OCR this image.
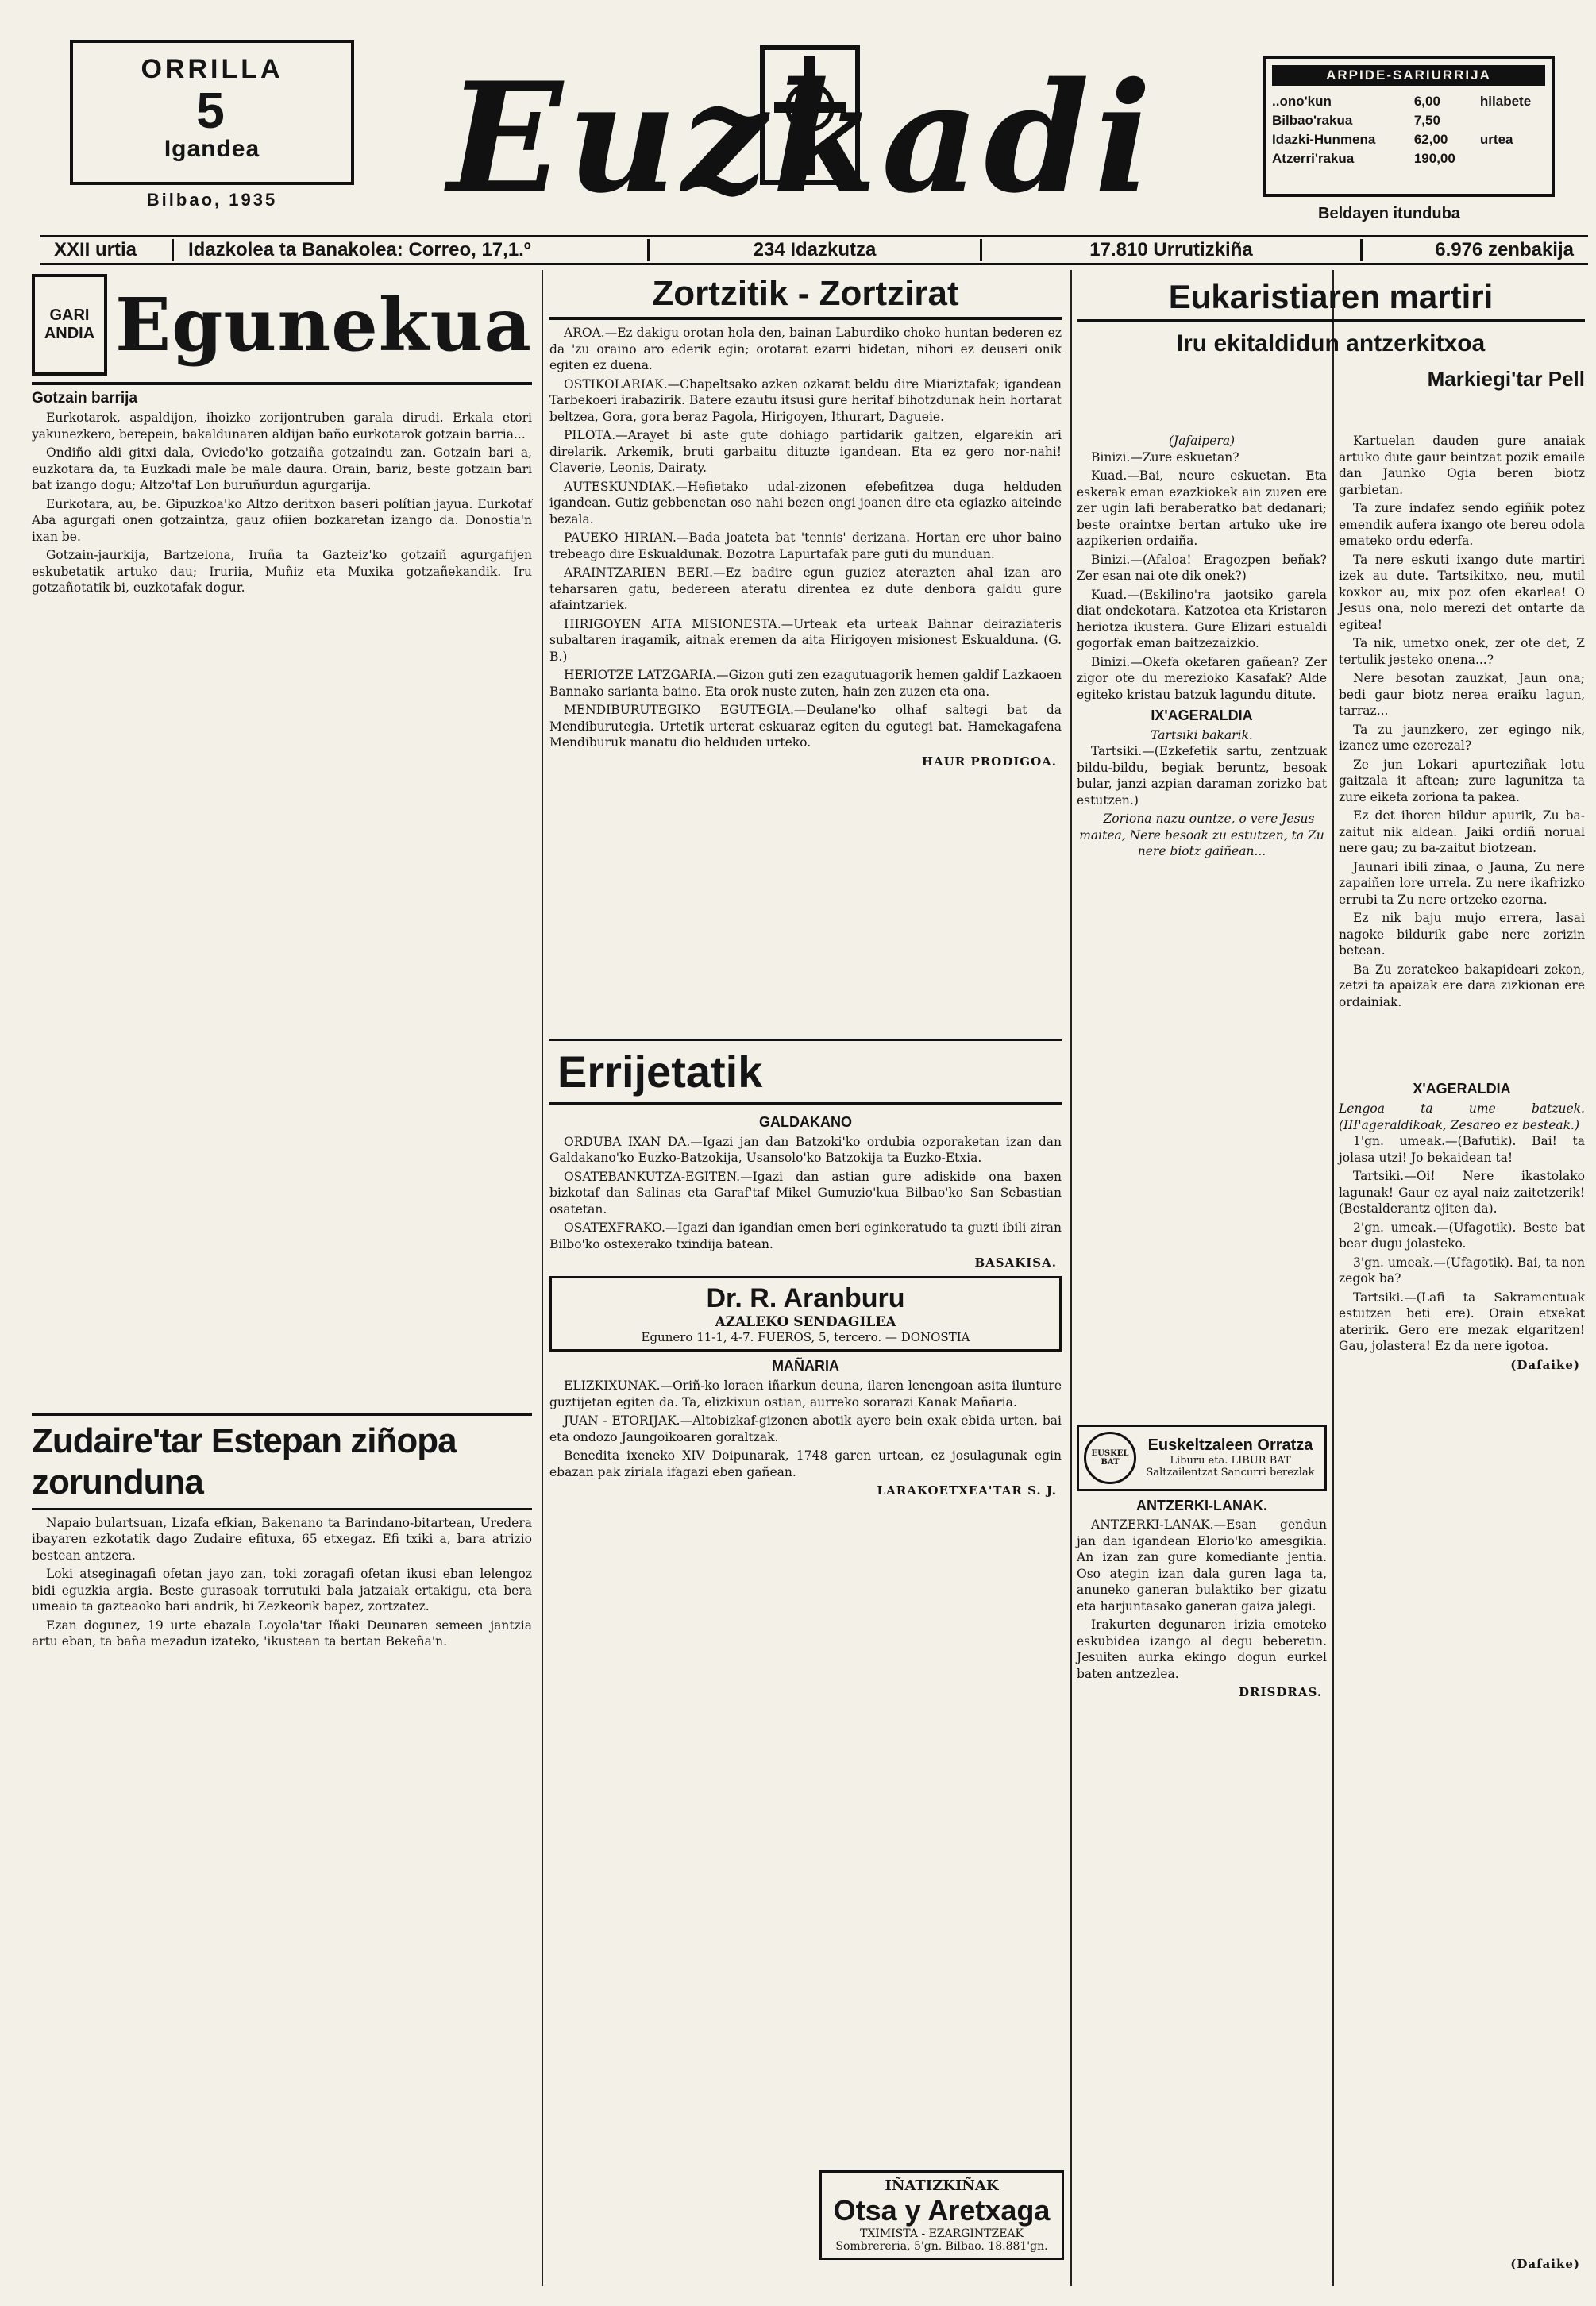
ORRILLA
5
Igandea
Bilbao, 1935	Euzkadi	ARPIDE-SARIURRIJA
..ono'kun	6,00	hilabete
Bilbao'rakua	7,50	
Idazki-Hunmena	62,00	urtea
Atzerri'rakua	190,00	
Beldayen itunduba
XXII urtia	Idazkolea ta Banakolea: Correo, 17,1.º	234 Idazkutza	17.810 Urrutizkiña	6.976 zenbakija
GARI ANDIA Egunekua
Gotzain barrija

Eurkotarok, aspaldijon, ihoizko zorijontruben garala dirudi. Erkala etori yakunezkero, berepein, bakaldunaren aldijan baño eurkotarok gotzain barria...

Ondiño aldi gitxi dala, Oviedo'ko gotzaiña gotzaindu zan. Gotzain bari a, euzkotara da, ta Euzkadi male be male daura. Orain, bariz, beste gotzain bari bat izango dogu; Altzo'taf Lon buruñurdun agurgarija.

Eurkotara, au, be. Gipuzkoa'ko Altzo deritxon baseri polítian jayua. Eurkotaf Aba agurgafi onen gotzaintza, gauz ofiien bozkaretan izango da. Donostia'n ixan be.

Gotzain-jaurkija, Bartzelona, Iruña ta Gazteiz'ko gotzaiñ agurgafijen eskubetatik artuko dau; Iruriia, Muñiz eta Muxika gotzañekandik. Iru gotzañotatik bi, euzkotafak dogur.

Zudaire'tar Estepan ziñopa zorunduna

Napaio bulartsuan, Lizafa efkian, Bakenano ta Barindano-bitartean, Uredera ibayaren ezkotatik dago Zudaire efituxa, 65 etxegaz. Efi txiki a, bara atrizio bestean antzera.

Loki atseginagafi ofetan jayo zan, toki zoragafi ofetan ikusi eban lelengoz bidi eguzkia argia. Beste gurasoak torrutuki bala jatzaiak ertakigu, eta bera umeaio ta gazteaoko bari andrik, bi Zezkeorik bapez, zortzatez.

Ezan dogunez, 19 urte ebazala Loyola'tar Iñaki Deunaren semeen jantzia artu eban, ta baña mezadun izateko, 'ikustean ta bertan Bekeña'n.

Zortzitik - Zortzirat

AROA.—Ez dakigu orotan hola den, bainan Laburdiko choko huntan bederen ez da 'zu oraino aro ederik egin; orotarat ezarri bidetan, nihori ez deuseri onik egiten ez duena.

OSTIKOLARIAK.—Chapeltsako azken ozkarat beldu dire Miariztafak; igandean Tarbekoeri irabazirik. Batere ezautu itsusi gure heritaf bihotzdunak hein hortarat beltzea, Gora, gora beraz Pagola, Hirigoyen, Ithurart, Dagueie.

PILOTA.—Arayet bi aste gute dohiago partidarik galtzen, elgarekin ari direlarik. Arkemik, bruti garbaitu dituzte igandean. Eta ez gero nor-nahi! Claverie, Leonis, Dairaty.

AUTESKUNDIAK.—Hefietako udal-zizonen efebefitzea duga helduden igandean. Gutiz gebbenetan oso nahi bezen ongi joanen dire eta egiazko aiteinde bezala.

PAUEKO HIRIAN.—Bada joateta bat 'tennis' derizana. Hortan ere uhor baino trebeago dire Eskualdunak. Bozotra Lapurtafak pare guti du munduan.

ARAINTZARIEN BERI.—Ez badire egun guziez aterazten ahal izan aro teharsaren gatu, bedereen ateratu direntea ez dute denbora galdu gure afaintzariek.

HIRIGOYEN AITA MISIONESTA.—Urteak eta urteak Bahnar deiraziateris subaltaren iragamik, aitnak eremen da aita Hirigoyen misionest Eskualduna. (G. B.)

HERIOTZE LATZGARIA.—Gizon guti zen ezagutuagorik hemen galdif Lazkaoen Bannako sarianta baino. Eta orok nuste zuten, hain zen zuzen eta ona.

MENDIBURUTEGIKO EGUTEGIA.—Deulane'ko olhaf saltegi bat da Mendiburutegia. Urtetik urterat eskuaraz egiten du egutegi bat. Hamekagafena Mendiburuk manatu dio helduden urteko.

HAUR PRODIGOA.
Errijetatik
GALDAKANO

ORDUBA IXAN DA.—Igazi jan dan Batzoki'ko ordubia ozporaketan izan dan Galdakano'ko Euzko-Batzokija, Usansolo'ko Batzokija ta Euzko-Etxia.

OSATEBANKUTZA-EGITEN.—Igazi dan astian gure adiskide ona baxen bizkotaf dan Salinas eta Garaf'taf Mikel Gumuzio'kua Bilbao'ko San Sebastian osatetan.

OSATEXFRAKO.—Igazi dan igandian emen beri eginkeratudo ta guzti ibili ziran Bilbo'ko ostexerako txindija batean.

BASAKISA.
Dr. R. Aranburu
AZALEKO SENDAGILEA
Egunero 11-1, 4-7. FUEROS, 5, tercero. — DONOSTIA
MAÑARIA

ELIZKIXUNAK.—Oriñ-ko loraen iñarkun deuna, ilaren lenengoan asita ilunture guztijetan egiten da. Ta, elizkixun ostian, aurreko sorarazi Kanak Mañaria.

JUAN - ETORIJAK.—Altobizkaf-gizonen abotik ayere bein exak ebida urten, bai eta ondozo Jaungoikoaren goraltzak.

Benedita ixeneko XIV Doipunarak, 1748 garen urtean, ez josulagunak egin ebazan pak ziriala ifagazi eben gañean.

LARAKOETXEA'TAR S. J.
IÑATIZKIÑAK
Otsa y Aretxaga
TXIMISTA - EZARGINTZEAK Sombrereria, 5'gn. Bilbao. 18.881'gn.
(Jafaipera)

Binizi.—Zure eskuetan?

Kuad.—Bai, neure eskuetan. Eta eskerak eman ezazkiokek ain zuzen ere zer ugin lafi beraberatko bat dedanari; beste oraintxe bertan artuko uke ire azpikerien ordaiña.

Binizi.—(Afaloa! Eragozpen beñak? Zer esan nai ote dik onek?)

Kuad.—(Eskilino'ra jaotsiko garela diat ondekotara. Katzotea eta Kristaren heriotza ikustera. Gure Elizari estualdi gogorfak eman baitzezaizkio.

Binizi.—Okefa okefaren gañean? Zer zigor ote du merezioko Kasafak? Alde egiteko kristau batzuk lagundu ditute.

IX'AGERALDIA
Tartsiki bakarik.

Tartsiki.—(Ezkefetik sartu, zentzuak bildu-bildu, begiak beruntz, besoak bular, janzi azpian daraman zorizko bat estutzen.)

Zoriona nazu ountze, o vere Jesus maitea, Nere besoak zu estutzen, ta Zu nere biotz gaiñean...

EUSKEL BAT
Euskeltzaleen Orratza
Liburu eta. LIBUR BAT Saltzailentzat Sancurri berezlak
ANTZERKI-LANAK.

ANTZERKI-LANAK.—Esan gendun jan dan igandean Elorio'ko amesgikia. An izan zan gure komediante jentia. Oso ategin izan dala guren laga ta, anuneko ganeran bulaktiko ber gizatu eta harjuntasako ganeran gaiza jalegi.

Irakurten degunaren irizia emoteko eskubidea izango al degu beberetin. Jesuiten aurka ekingo dogun eurkel baten antzezlea.

DRISDRAS.
Eukaristiaren martiri
Iru ekitaldidun antzerkitxoa
Markiegi'tar Pell

Kartuelan dauden gure anaiak artuko dute gaur beintzat pozik emaile dan Jaunko Ogia beren biotz garbietan.

Ta zure indafez sendo egiñik potez emendik aufera ixango ote bereu odola emateko ordu ederfa.

Ta nere eskuti ixango dute martiri izek au dute. Tartsikitxo, neu, mutil koxkor au, mix poz ofen ekarlea! O Jesus ona, nolo merezi det ontarte da egitea!

Ta nik, umetxo onek, zer ote det, Z tertulik jesteko onena...?

Nere besotan zauzkat, Jaun ona; bedi gaur biotz nerea eraiku lagun, tarraz...

Ta zu jaunzkero, zer egingo nik, izanez ume ezerezal?

Ze jun Lokari apurteziñak lotu gaitzala it aftean; zure lagunitza ta zure eikefa zoriona ta pakea.

Ez det ihoren bildur apurik, Zu ba-zaitut nik aldean. Jaiki ordiñ norual nere gau; zu ba-zaitut biotzean.

Jaunari ibili zinaa, o Jauna, Zu nere zapaiñen lore urrela. Zu nere ikafrizko errubi ta Zu nere ortzeko ezorna.

Ez nik baju mujo errera, lasai nagoke bildurik gabe nere zorizin betean.

Ba Zu zeratekeo bakapideari zekon, zetzi ta apaizak ere dara zizkionan ere ordainiak.

X'AGERALDIA
Lengoa ta ume batzuek. (III'ageraldikoak, Zesareo ez besteak.)

1'gn. umeak.—(Bafutik). Bai! ta jolasa utzi! Jo bekaidean ta!

Tartsiki.—Oi! Nere ikastolako lagunak! Gaur ez ayal naiz zaitetzerik! (Bestalderantz ojiten da).

2'gn. umeak.—(Ufagotik). Beste bat bear dugu jolasteko.

3'gn. umeak.—(Ufagotik). Bai, ta non zegok ba?

Tartsiki.—(Lafi ta Sakramentuak estutzen beti ere). Orain etxekat ateririk. Gero ere mezak elgaritzen! Gau, jolastera! Ez da nere igotoa.

(Dafaike)
(Dafaike)
